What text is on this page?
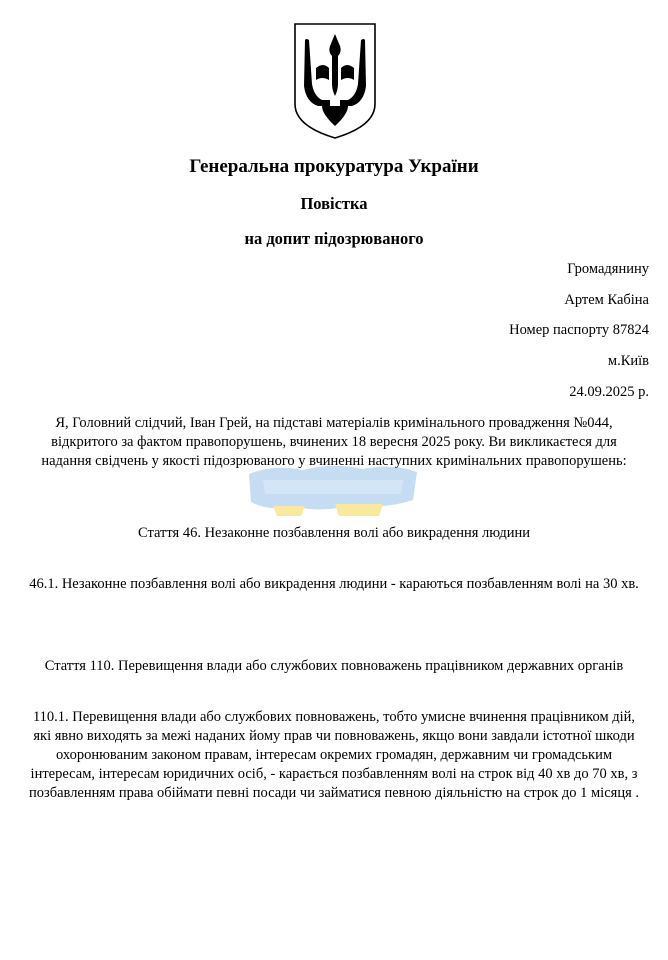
Генеральна прокуратура України
Повістка
на допит підозрюваного
Громадянину
Артем Кабіна
Номер паспорту 87824
м.Київ
24.09.2025 р.
Я, Головний слідчий, Іван Грей, на підставі матеріалів кримінального провадження №044, відкритого за фактом правопорушень, вчинених 18 вересня 2025 року. Ви викликаєтеся для надання свідчень у якості підозрюваного у вчиненні наступних кримінальних правопорушень:
Стаття 46. Незаконне позбавлення волі або викрадення людини
46.1. Незаконне позбавлення волі або викрадення людини - караються позбавленням волі на 30 хв.
Стаття 110. Перевищення влади або службових повноважень працівником державних органів
110.1. Перевищення влади або службових повноважень, тобто умисне вчинення працівником дій, які явно виходять за межі наданих йому прав чи повноважень, якщо вони завдали істотної шкоди охоронюваним законом правам, інтересам окремих громадян, державним чи громадським інтересам, інтересам юридичних осіб, - карається позбавленням волі на строк від 40 хв до 70 хв, з позбавленням права обіймати певні посади чи займатися певною діяльністю на строк до 1 місяця .
